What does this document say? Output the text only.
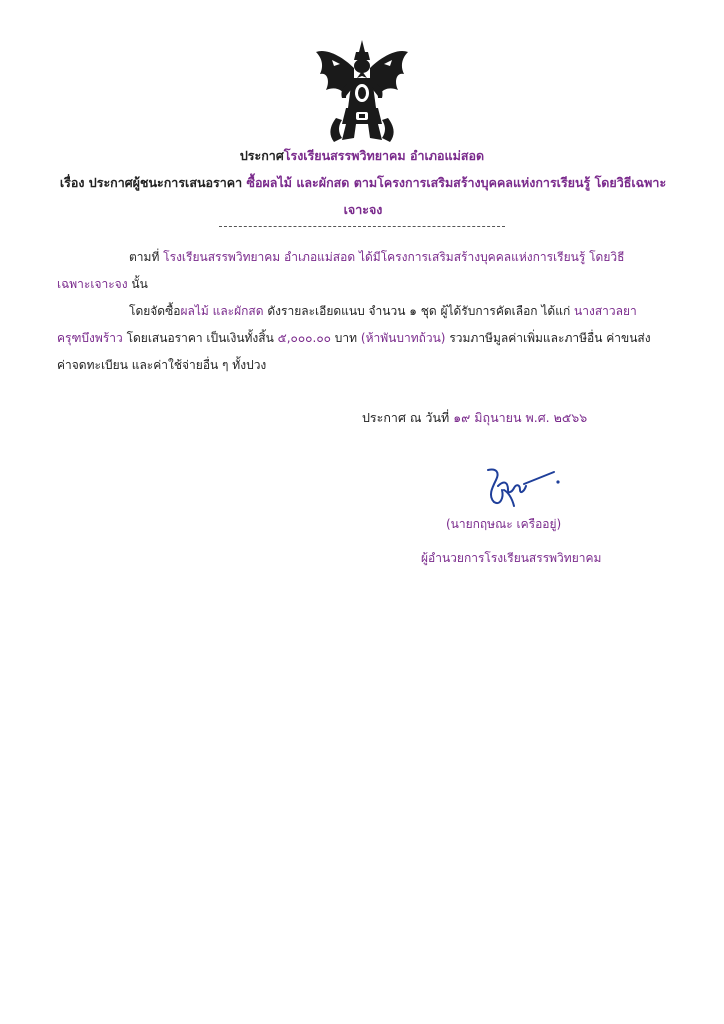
ประกาศโรงเรียนสรรพวิทยาคม อำเภอแม่สอด
เรื่อง ประกาศผู้ชนะการเสนอราคา ซื้อผลไม้ และผักสด ตามโครงการเสริมสร้างบุคคลแห่งการเรียนรู้ โดยวิธีเฉพาะเจาะจง
ตามที่ โรงเรียนสรรพวิทยาคม อำเภอแม่สอด ได้มีโครงการเสริมสร้างบุคคลแห่งการเรียนรู้ โดยวิธีเฉพาะเจาะจง นั้น
โดยจัดซื้อผลไม้ และผักสด ดังรายละเอียดแนบ จำนวน ๑ ชุด ผู้ได้รับการคัดเลือก ได้แก่ นางสาวลยา ครุฑบึงพร้าว โดยเสนอราคา เป็นเงินทั้งสิ้น ๕,๐๐๐.๐๐ บาท (ห้าพันบาทถ้วน) รวมภาษีมูลค่าเพิ่มและภาษีอื่น ค่าขนส่ง ค่าจดทะเบียน และค่าใช้จ่ายอื่น ๆ ทั้งปวง
ประกาศ ณ วันที่ ๑๙ มิถุนายน พ.ศ. ๒๕๖๖
(นายกฤษณะ เครืออยู่)
ผู้อำนวยการโรงเรียนสรรพวิทยาคม
